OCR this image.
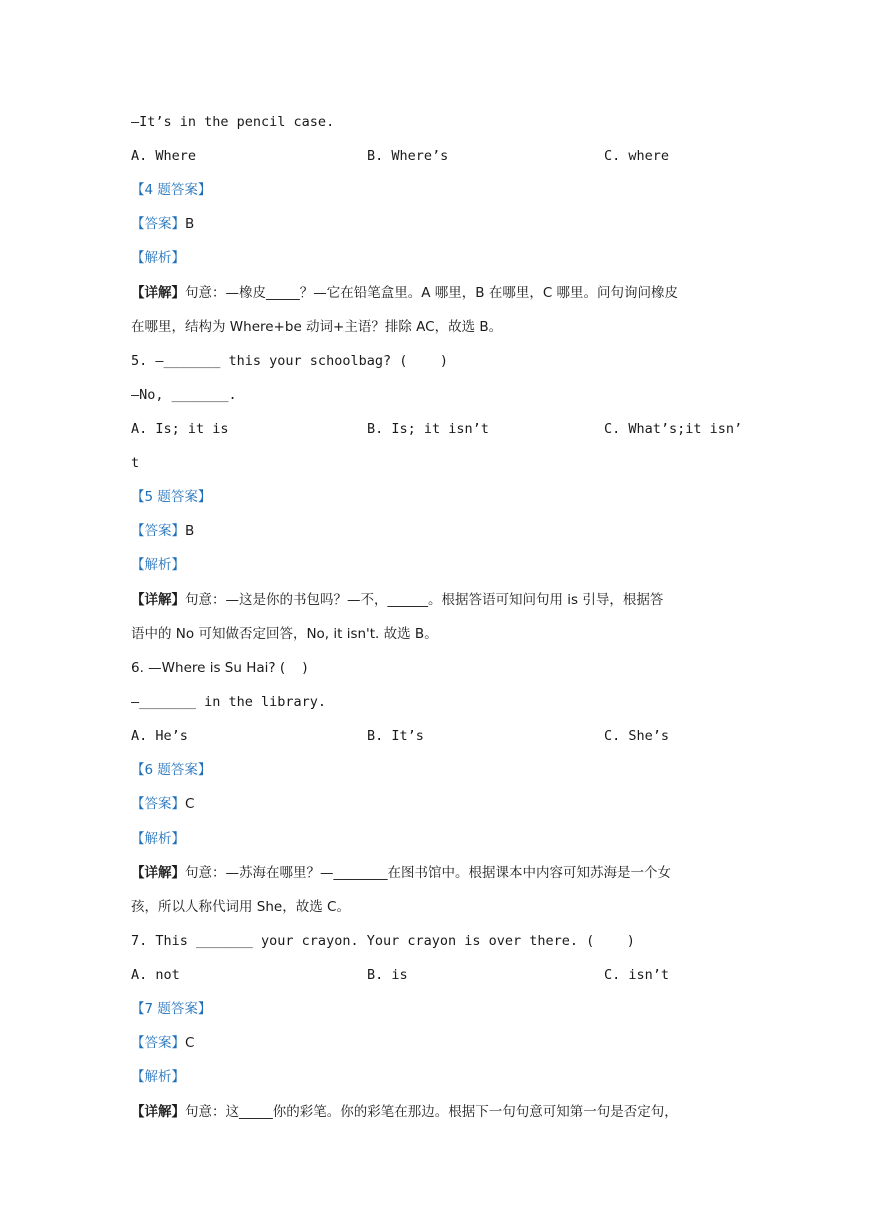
—It’s in the pencil case.
A. Where	B. Where’s	C. where
【4 题答案】
【答案】B
【解析】
【详解】句意：—橡皮_____？—它在铅笔盒里。A 哪里，B 在哪里，C 哪里。问句询问橡皮
在哪里，结构为 Where+be 动词+主语？排除 AC，故选 B。
5. —_______ this your schoolbag? (    )
—No, _______.
A. Is; it is	B. Is; it isn’t	C. What’s;it isn’
t
【5 题答案】
【答案】B
【解析】
【详解】句意：—这是你的书包吗？—不，______。根据答语可知问句用 is 引导，根据答
语中的 No 可知做否定回答，No, it isn't. 故选 B。
6. —Where is Su Hai? (    )
—_______ in the library.
A. He’s	B. It’s	C. She’s
【6 题答案】
【答案】C
【解析】
【详解】句意：—苏海在哪里？—________在图书馆中。根据课本中内容可知苏海是一个女
孩，所以人称代词用 She，故选 C。
7. This _______ your crayon. Your crayon is over there. (    )
A. not	B. is	C. isn’t
【7 题答案】
【答案】C
【解析】
【详解】句意：这_____你的彩笔。你的彩笔在那边。根据下一句句意可知第一句是否定句，
